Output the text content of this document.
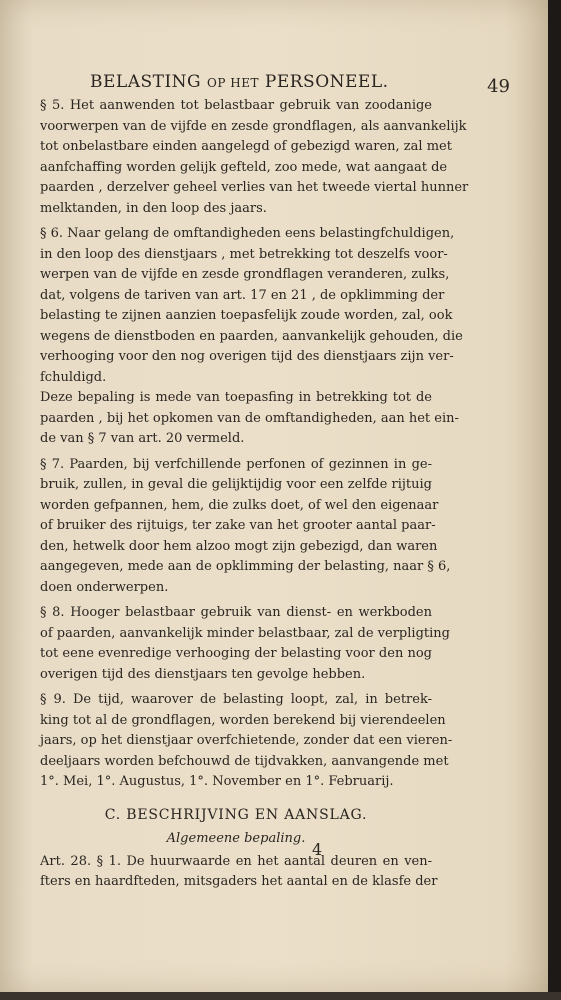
BELASTING OP HET PERSONEEL.	49
§ 5. Het aanwenden tot belastbaar gebruik van zoodanige
voorwerpen van de vijfde en zesde grondflagen, als aanvankelijk
tot onbelastbare einden aangelegd of gebezigd waren, zal met
aanfchaffing worden gelijk gefteld, zoo mede, wat aangaat de
paarden , derzelver geheel verlies van het tweede viertal hunner
melktanden, in den loop des jaars.
§ 6. Naar gelang de omftandigheden eens belastingfchuldigen,
in den loop des dienstjaars , met betrekking tot deszelfs voor-
werpen van de vijfde en zesde grondflagen veranderen, zulks,
dat, volgens de tariven van art. 17 en 21 , de opklimming der
belasting te zijnen aanzien toepasfelijk zoude worden, zal, ook
wegens de dienstboden en paarden, aanvankelijk gehouden, die
verhooging voor den nog overigen tijd des dienstjaars zijn ver-
fchuldigd.
Deze bepaling is mede van toepasfing in betrekking tot de
paarden , bij het opkomen van de omftandigheden, aan het ein-
de van § 7 van art. 20 vermeld.
§ 7. Paarden, bij verfchillende perfonen of gezinnen in ge-
bruik, zullen, in geval die gelijktijdig voor een zelfde rijtuig
worden gefpannen, hem, die zulks doet, of wel den eigenaar
of bruiker des rijtuigs, ter zake van het grooter aantal paar-
den, hetwelk door hem alzoo mogt zijn gebezigd, dan waren
aangegeven, mede aan de opklimming der belasting, naar § 6,
doen onderwerpen.
§ 8. Hooger belastbaar gebruik van dienst- en werkboden
of paarden, aanvankelijk minder belastbaar, zal de verpligting
tot eene evenredige verhooging der belasting voor den nog
overigen tijd des dienstjaars ten gevolge hebben.
§ 9. De tijd, waarover de belasting loopt, zal, in betrek-
king tot al de grondflagen, worden berekend bij vierendeelen
jaars, op het dienstjaar overfchietende, zonder dat een vieren-
deeljaars worden befchouwd de tijdvakken, aanvangende met
1°. Mei, 1°. Augustus, 1°. November en 1°. Februarij.
C. BESCHRIJVING EN AANSLAG.
Algemeene bepaling.
Art. 28. § 1. De huurwaarde en het aantal deuren en ven-
fters en haardfteden, mitsgaders het aantal en de klasfe der
4
